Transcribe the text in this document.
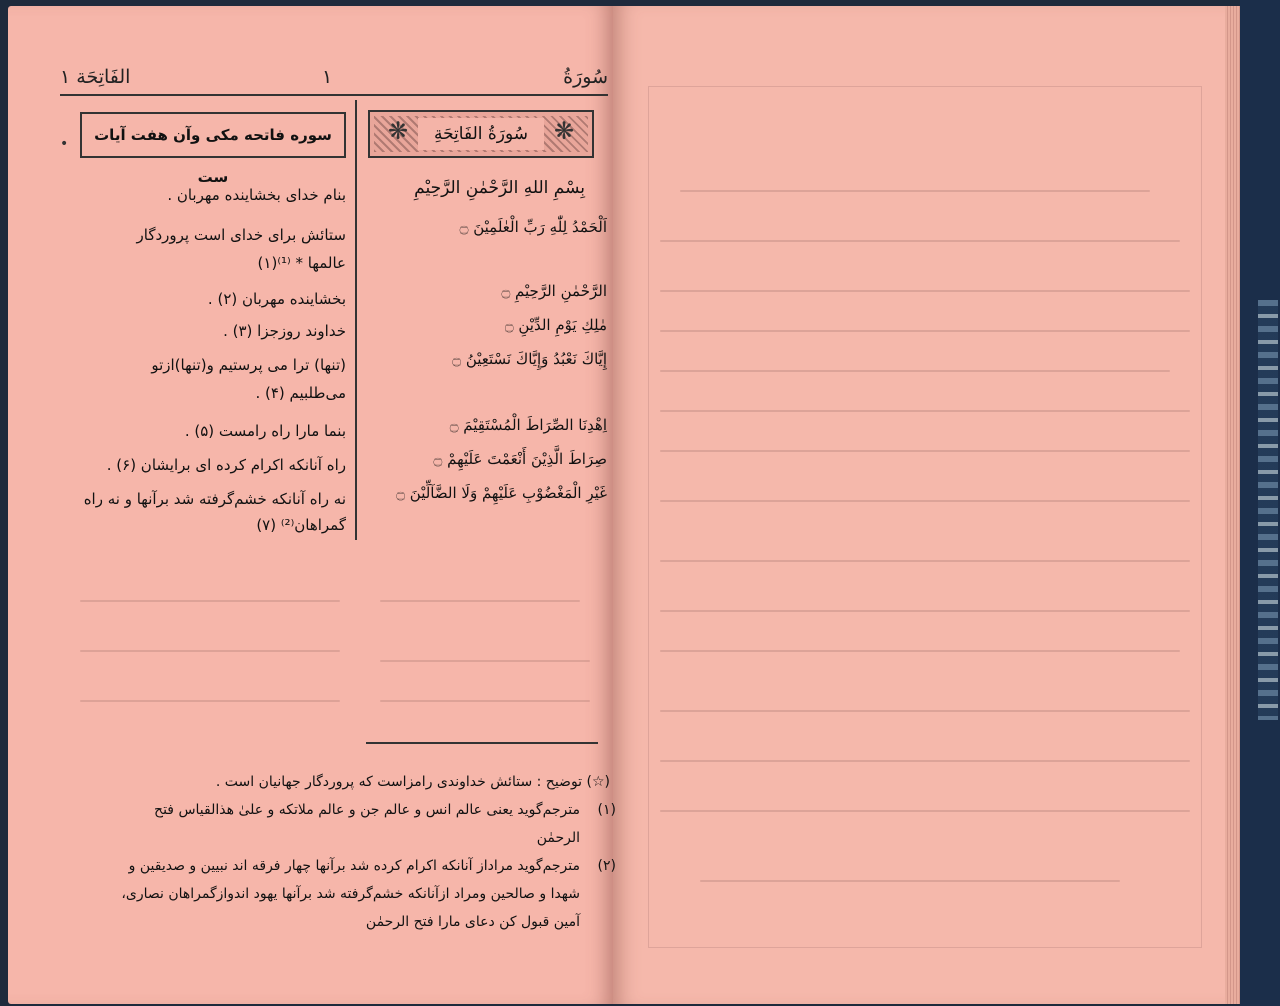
الفَاتِحَة ١	١	سُورَةُ
❋	❋
سُورَةُ الفَاتِحَةِ
سوره فاتحه مکی وآن هفت آیات ست
•
بِسْمِ اللهِ الرَّحْمٰنِ الرَّحِيْمِ
اَلْحَمْدُ لِلّٰهِ رَبِّ الْعٰلَمِيْنَ ۝
الرَّحْمٰنِ الرَّحِيْمِ ۝
مٰلِكِ يَوْمِ الدِّيْنِ ۝
إِيَّاكَ نَعْبُدُ وَإِيَّاكَ نَسْتَعِيْنُ ۝
اِهْدِنَا الصِّرَاطَ الْمُسْتَقِيْمَ ۝
صِرَاطَ الَّذِيْنَ أَنْعَمْتَ عَلَيْهِمْ ۝
غَيْرِ الْمَغْضُوْبِ عَلَيْهِمْ وَلَا الضَّآلِّيْنَ ۝
بنام خدای بخشاینده مهربان .
ستائش برای خدای است پروردگار
عالمها * ⁽¹⁾(۱)
بخشاینده مهربان (۲) .
خداوند روزجزا (۳) .
(تنها) ترا می پرستیم و(تنها)ازتو
می‌طلبیم (۴) .
بنما مارا راه رامست (۵) .
راه آنانکه اکرام کرده ای برایشان (۶) .
نه راه آنانکه خشم‌گرفته شد برآنها و نه راه
گمراهان⁽²⁾ (۷)
(☆) توضیح : ستائش خداوندی رامزاست که پروردگار جهانیان است .
مترجم‌گوید یعنی عالم انس و عالم جن و عالم ملاتکه و علیٰ هذالقیاس فتح	(۱)
الرحمٰن
مترجم‌گوید مراداز آنانکه اکرام کرده شد برآنها چهار فرقه اند نبیین و صدیقین و	(۲)
شهدا و صالحین ومراد ازآنانکه خشم‌گرفته شد برآنها یهود اندوازگمراهان نصاری،
آمین قبول کن دعای مارا فتح الرحمٰن
